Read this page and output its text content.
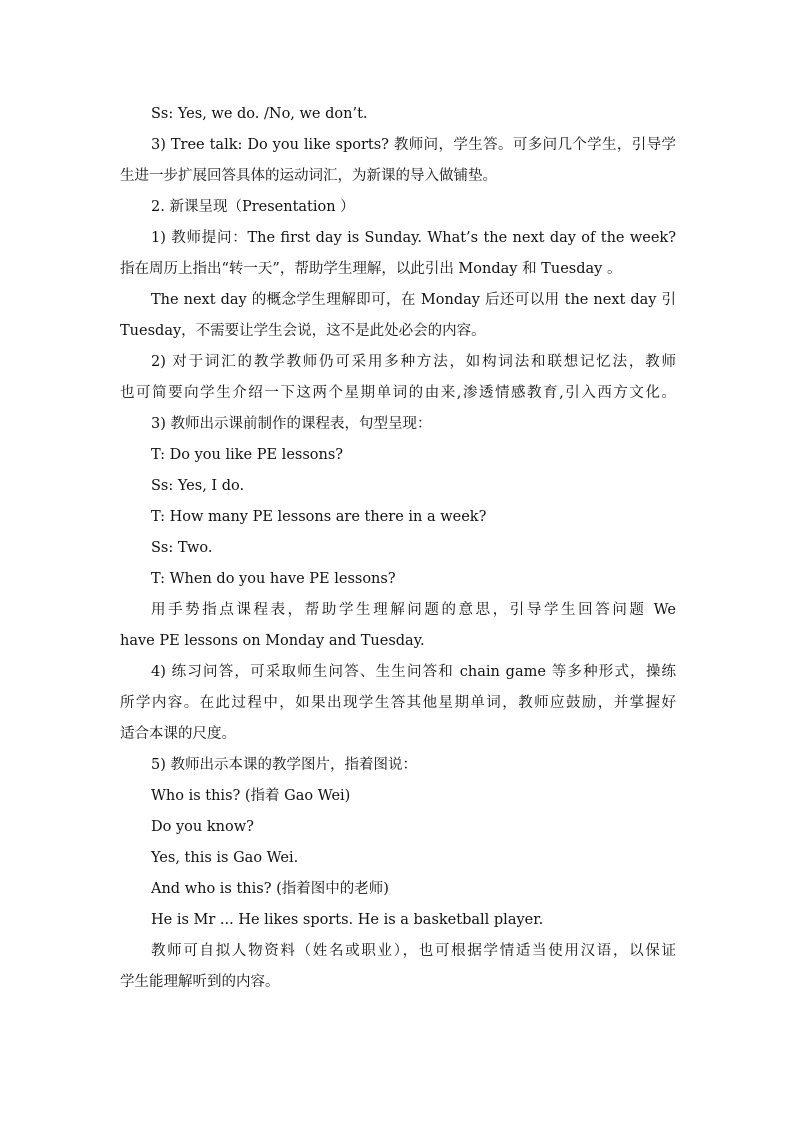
Ss: Yes, we do. /No, we don’t.
3) Tree talk: Do you like sports? 教师问，学生答。可多问几个学生，引导学
生进一步扩展回答具体的运动词汇，为新课的导入做铺垫。
2. 新课呈现（Presentation ）
1) 教师提问：The first day is Sunday. What’s the next day of the week?
指在周历上指出“转一天”，帮助学生理解，以此引出 Monday 和 Tuesday 。
The next day 的概念学生理解即可，在 Monday 后还可以用 the next day 引
Tuesday，不需要让学生会说，这不是此处必会的内容。
2) 对于词汇的教学教师仍可采用多种方法，如构词法和联想记忆法，教师
也可简要向学生介绍一下这两个星期单词的由来,渗透情感教育,引入西方文化。
3) 教师出示课前制作的课程表，句型呈现：
T: Do you like PE lessons?
Ss: Yes, I do.
T: How many PE lessons are there in a week?
Ss: Two.
T: When do you have PE lessons?
用手势指点课程表，帮助学生理解问题的意思，引导学生回答问题 We
have PE lessons on Monday and Tuesday.
4) 练习问答，可采取师生问答、生生问答和 chain game 等多种形式，操练
所学内容。在此过程中，如果出现学生答其他星期单词，教师应鼓励，并掌握好
适合本课的尺度。
5) 教师出示本课的教学图片，指着图说：
Who is this? (指着 Gao Wei)
Do you know?
Yes, this is Gao Wei.
And who is this? (指着图中的老师)
He is Mr ... He likes sports. He is a basketball player.
教师可自拟人物资料（姓名或职业），也可根据学情适当使用汉语，以保证
学生能理解听到的内容。
